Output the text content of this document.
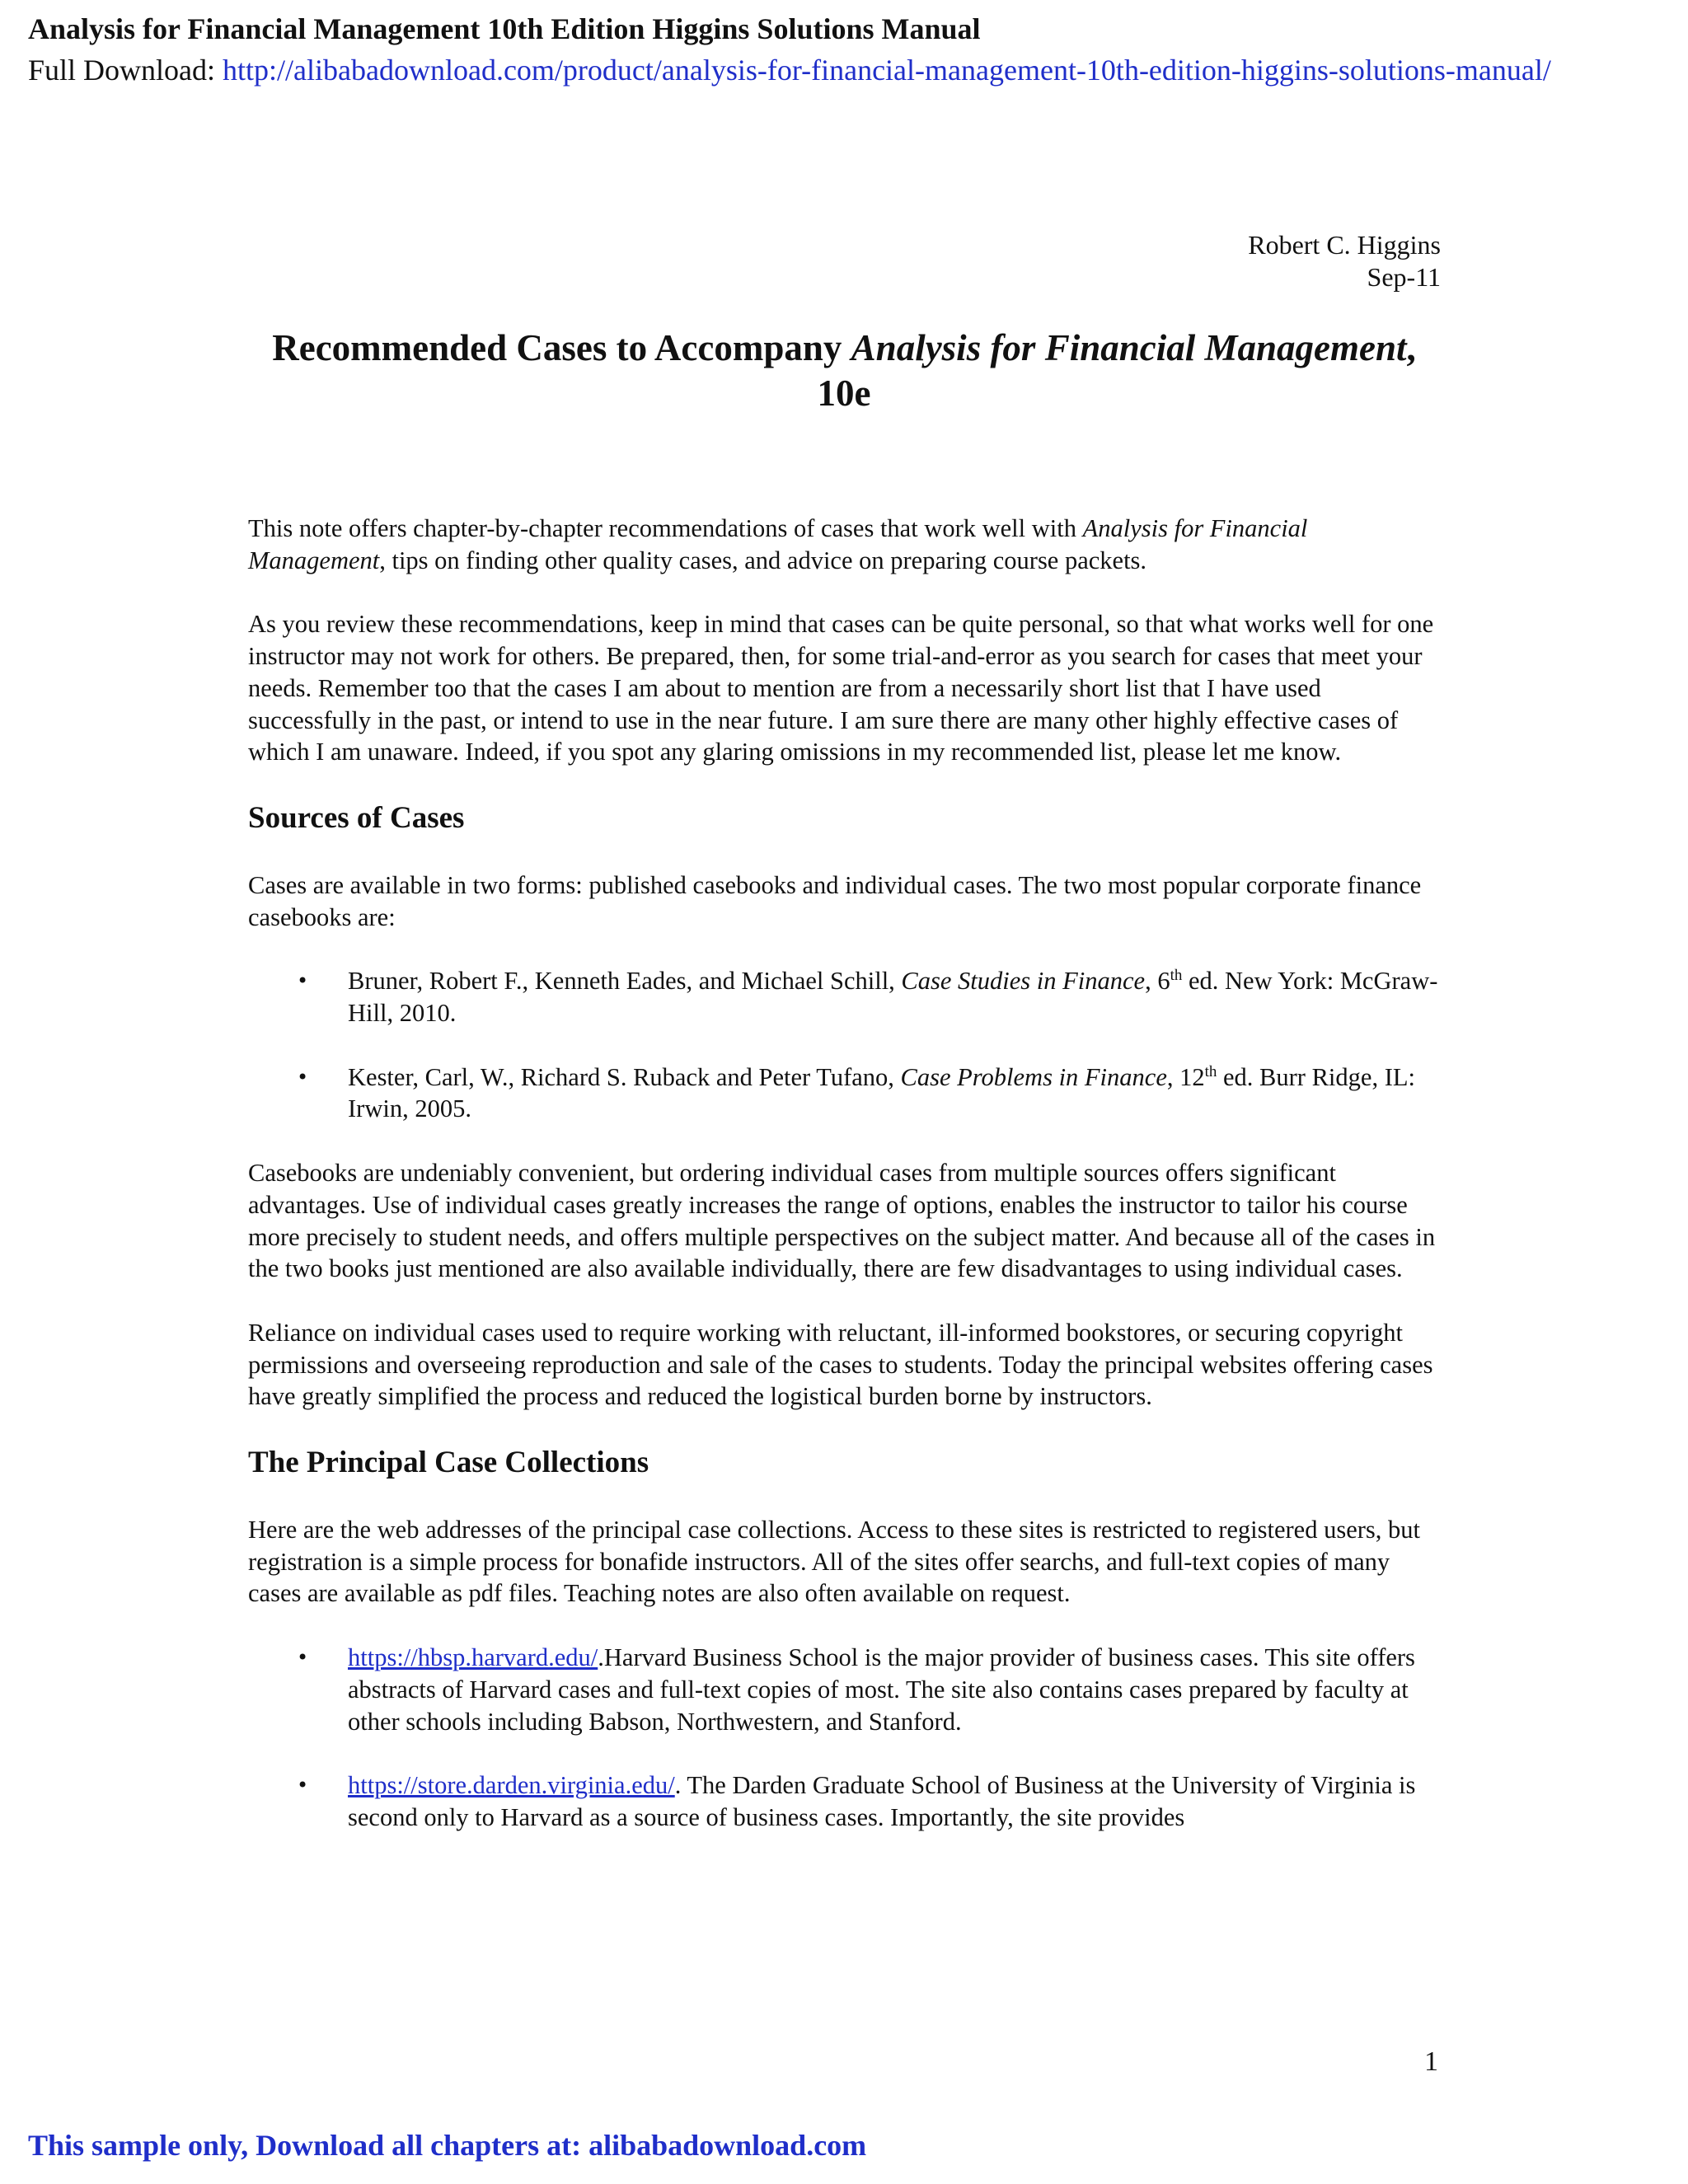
Analysis for Financial Management 10th Edition Higgins Solutions Manual

Full Download: http://alibabadownload.com/product/analysis-for-financial-management-10th-edition-higgins-solutions-manual/

Robert C. Higgins
Sep-11
Recommended Cases to Accompany Analysis for Financial Management, 10e

This note offers chapter-by-chapter recommendations of cases that work well with Analysis for Financial Management, tips on finding other quality cases, and advice on preparing course packets.

As you review these recommendations, keep in mind that cases can be quite personal, so that what works well for one instructor may not work for others. Be prepared, then, for some trial-and-error as you search for cases that meet your needs. Remember too that the cases I am about to mention are from a necessarily short list that I have used successfully in the past, or intend to use in the near future. I am sure there are many other highly effective cases of which I am unaware. Indeed, if you spot any glaring omissions in my recommended list, please let me know.

Sources of Cases

Cases are available in two forms: published casebooks and individual cases. The two most popular corporate finance casebooks are:

• Bruner, Robert F., Kenneth Eades, and Michael Schill, Case Studies in Finance, 6th ed. New York: McGraw-Hill, 2010.
• Kester, Carl, W., Richard S. Ruback and Peter Tufano, Case Problems in Finance, 12th ed. Burr Ridge, IL: Irwin, 2005.

Casebooks are undeniably convenient, but ordering individual cases from multiple sources offers significant advantages. Use of individual cases greatly increases the range of options, enables the instructor to tailor his course more precisely to student needs, and offers multiple perspectives on the subject matter. And because all of the cases in the two books just mentioned are also available individually, there are few disadvantages to using individual cases.

Reliance on individual cases used to require working with reluctant, ill-informed bookstores, or securing copyright permissions and overseeing reproduction and sale of the cases to students. Today the principal websites offering cases have greatly simplified the process and reduced the logistical burden borne by instructors.

The Principal Case Collections

Here are the web addresses of the principal case collections. Access to these sites is restricted to registered users, but registration is a simple process for bonafide instructors. All of the sites offer searchs, and full-text copies of many cases are available as pdf files. Teaching notes are also often available on request.

• https://hbsp.harvard.edu/.Harvard Business School is the major provider of business cases. This site offers abstracts of Harvard cases and full-text copies of most. The site also contains cases prepared by faculty at other schools including Babson, Northwestern, and Stanford.
• https://store.darden.virginia.edu/. The Darden Graduate School of Business at the University of Virginia is second only to Harvard as a source of business cases. Importantly, the site provides
1

This sample only, Download all chapters at: alibabadownload.com
